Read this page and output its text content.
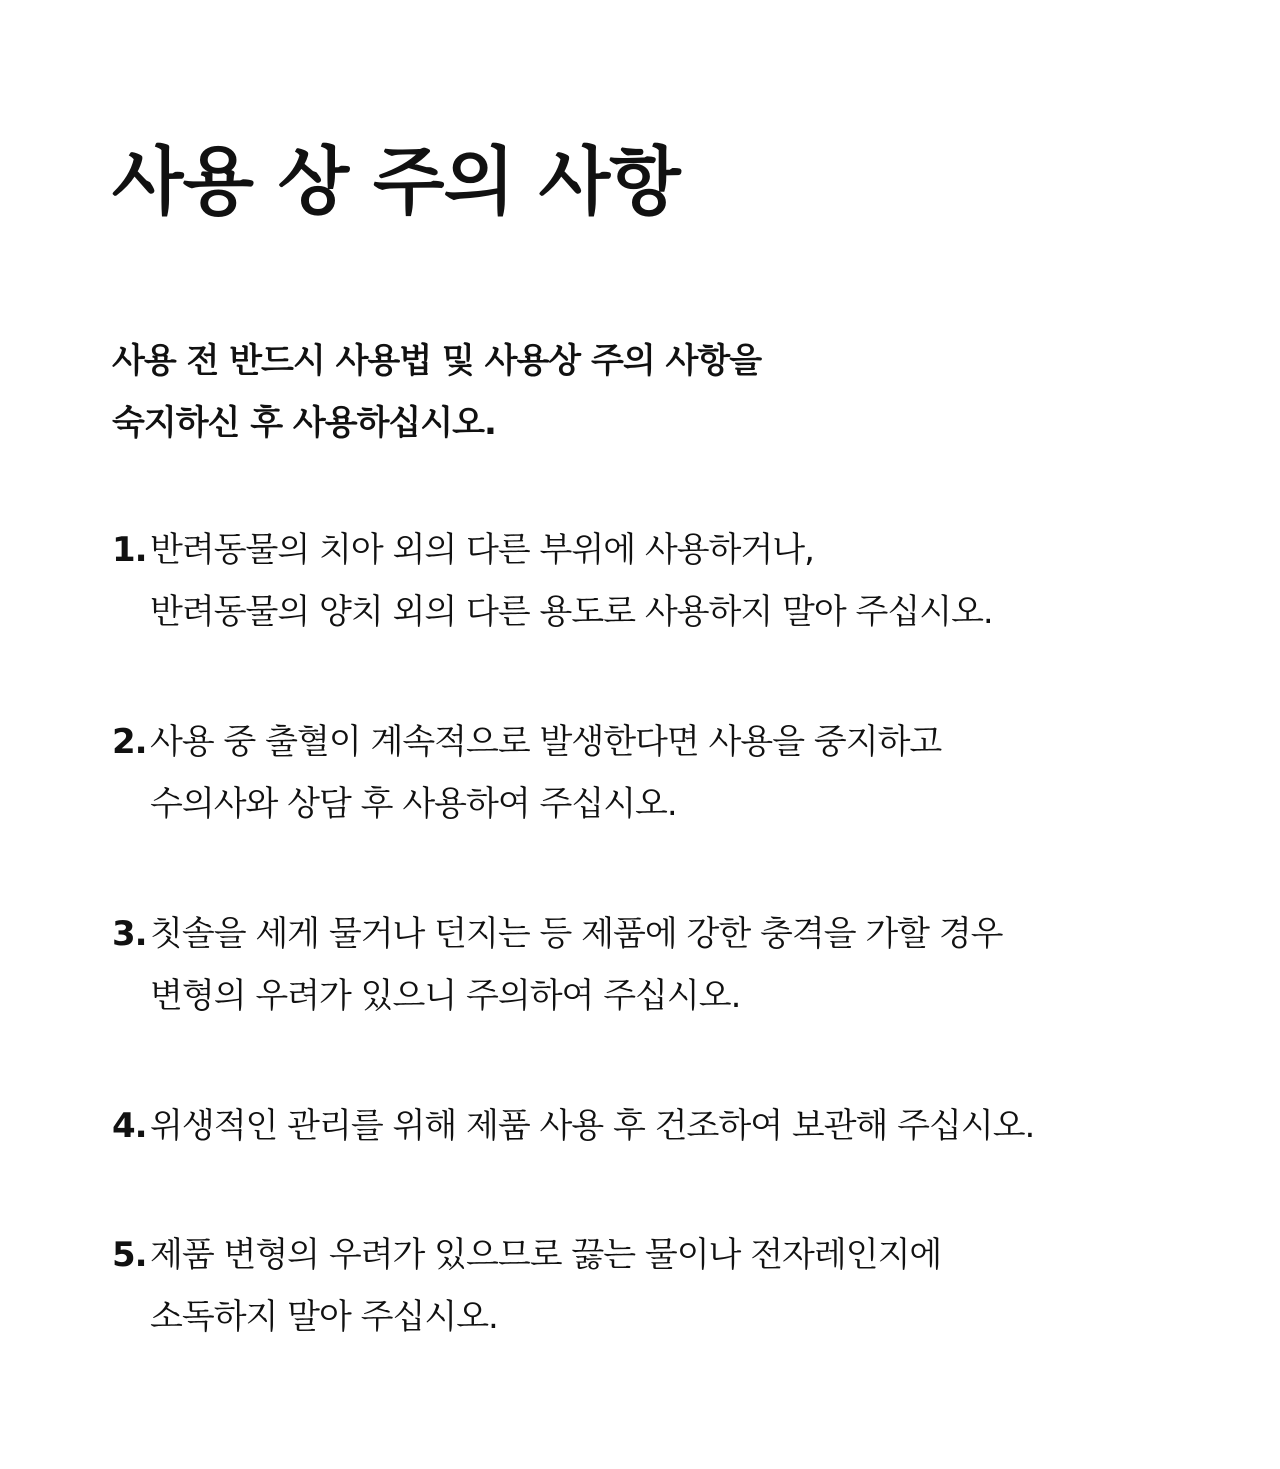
사용 상 주의 사항

사용 전 반드시 사용법 및 사용상 주의 사항을
숙지하신 후 사용하십시오.

1. 반려동물의 치아 외의 다른 부위에 사용하거나,
반려동물의 양치 외의 다른 용도로 사용하지 말아 주십시오.
2. 사용 중 출혈이 계속적으로 발생한다면 사용을 중지하고
수의사와 상담 후 사용하여 주십시오.
3. 칫솔을 세게 물거나 던지는 등 제품에 강한 충격을 가할 경우
변형의 우려가 있으니 주의하여 주십시오.
4. 위생적인 관리를 위해 제품 사용 후 건조하여 보관해 주십시오.
5. 제품 변형의 우려가 있으므로 끓는 물이나 전자레인지에
소독하지 말아 주십시오.
